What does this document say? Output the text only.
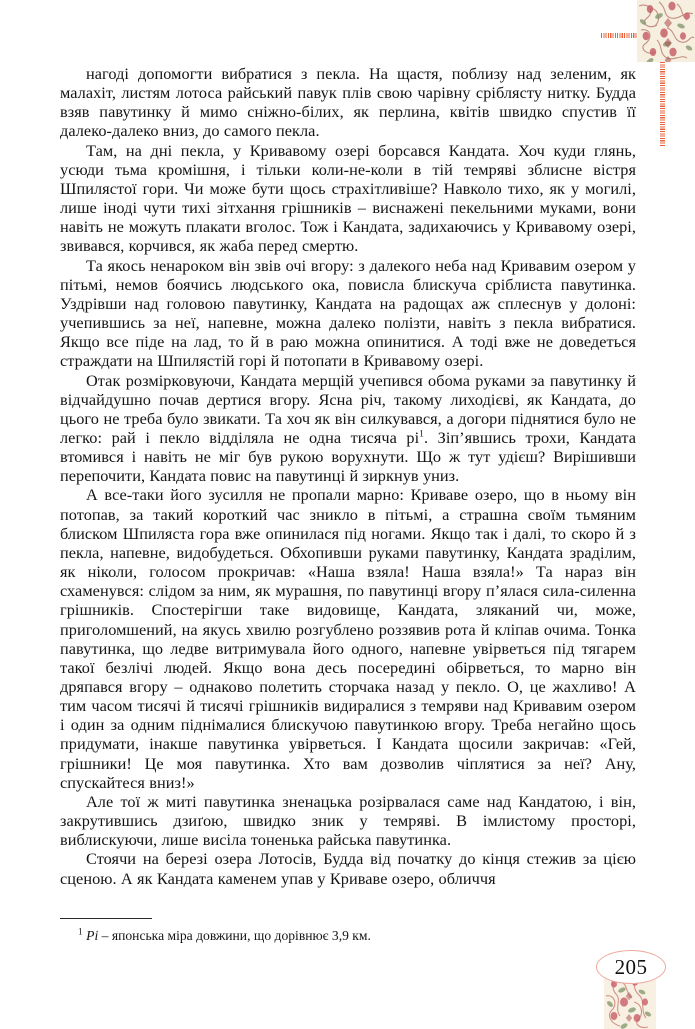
нагоді допомогти вибратися з пекла. На щастя, поблизу над зеленим, як малахіт, листям лотоса райський павук плів свою чарівну сріблясту нитку. Будда взяв павутинку й мимо сніжно-білих, як перлина, квітів швидко спустив її далеко-далеко вниз, до самого пекла.

Там, на дні пекла, у Кривавому озері борсався Кандата. Хоч куди глянь, усюди тьма кромішня, і тільки коли-не-коли в тій темряві зблисне вістря Шпилястої гори. Чи може бути щось страхітливіше? Навколо тихо, як у могилі, лише іноді чути тихі зітхання грішників – виснажені пекельними муками, вони навіть не можуть плакати вголос. Тож і Кандата, задихаючись у Кривавому озері, звивався, корчився, як жаба перед смертю.

Та якось ненароком він звів очі вгору: з далекого неба над Кривавим озером у пітьмі, немов боячись людського ока, повисла блискуча сріблиста павутинка. Уздрівши над головою павутинку, Кандата на радощах аж сплеснув у долоні: учепившись за неї, напевне, можна далеко полізти, навіть з пекла вибратися. Якщо все піде на лад, то й в раю можна опинитися. А тоді вже не доведеться страждати на Шпилястій горі й потопати в Кривавому озері.

Отак розмірковуючи, Кандата мерщій учепився обома руками за павутинку й відчайдушно почав дертися вгору. Ясна річ, такому лиходієві, як Кандата, до цього не треба було звикати. Та хоч як він силкувався, а догори піднятися було не легко: рай і пекло відділяла не одна тисяча рі$^1$. Зіп’явшись трохи, Кандата втомився і навіть не міг був рукою ворухнути. Що ж тут удієш? Вирішивши перепочити, Кандата повис на павутинці й зиркнув униз.

А все-таки його зусилля не пропали марно: Криваве озеро, що в ньому він потопав, за такий короткий час зникло в пітьмі, а страшна своїм тьмяним блиском Шпиляста гора вже опинилася під ногами. Якщо так і далі, то скоро й з пекла, напевне, видобудеться. Обхопивши руками павутинку, Кандата зраділим, як ніколи, голосом прокричав: «Наша взяла! Наша взяла!» Та нараз він схаменувся: слідом за ним, як мурашня, по павутинці вгору п’ялася сила-силенна грішників. Спостерігши таке видовище, Кандата, зляканий чи, може, приголомшений, на якусь хвилю розгублено роззявив рота й кліпав очима. Тонка павутинка, що ледве витримувала його одного, напевне увірветься під тягарем такої безлічі людей. Якщо вона десь посередині обірветься, то марно він дряпався вгору – однаково полетить сторчака назад у пекло. О, це жахливо! А тим часом тисячі й тисячі грішників видиралися з темряви над Кривавим озером і один за одним піднімалися блискучою павутинкою вгору. Треба негайно щось придумати, інакше павутинка увірветься. І Кандата щосили закричав: «Гей, грішники! Це моя павутинка. Хто вам дозволив чіплятися за неї? Ану, спускайтеся вниз!»

Але тої ж миті павутинка зненацька розірвалася саме над Кандатою, і він, закрутившись дзиґою, швидко зник у темряві. В імлистому просторі, виблискуючи, лише висіла тоненька райська павутинка.

Стоячи на березі озера Лотосів, Будда від початку до кінця стежив за цією сценою. А як Кандата каменем упав у Криваве озеро, обличчя

$^1$ Рі – японська міра довжини, що дорівнює 3,9 км.

205
